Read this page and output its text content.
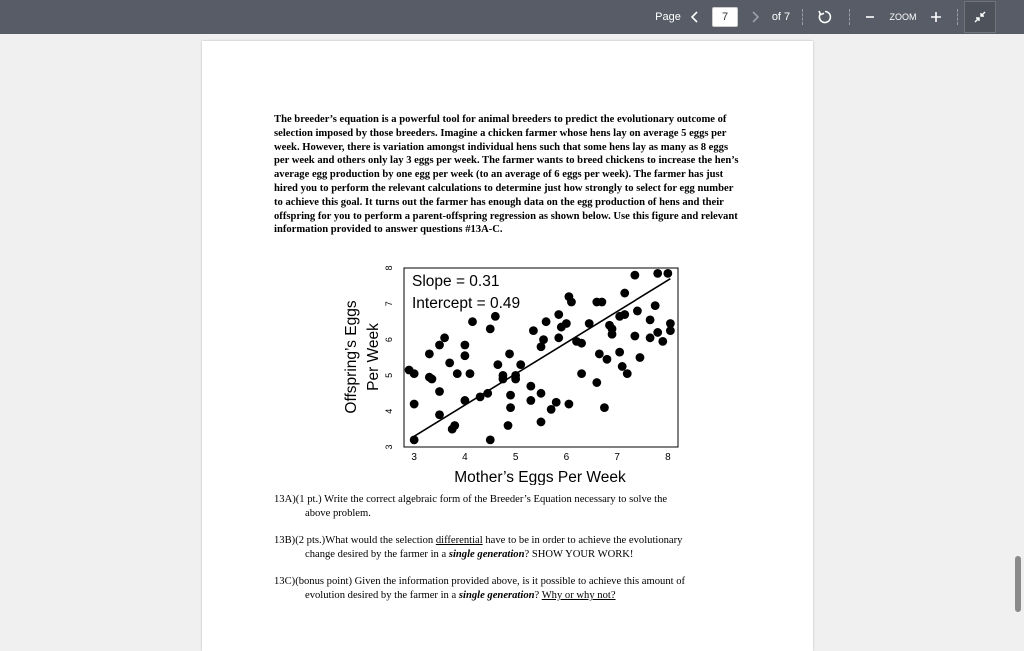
Page
7	of 7	ZOOM

The breeder’s equation is a powerful tool for animal breeders to predict the evolutionary outcome of selection imposed by those breeders. Imagine a chicken farmer whose hens lay on average 5 eggs per week. However, there is variation amongst individual hens such that some hens lay as many as 8 eggs per week and others only lay 3 eggs per week. The farmer wants to breed chickens to increase the hen’s average egg production by one egg per week (to an average of 6 eggs per week). The farmer has just hired you to perform the relevant calculations to determine just how strongly to select for egg number to achieve this goal. It turns out the farmer has enough data on the egg production of hens and their offspring for you to perform a parent-offspring regression as shown below. Use this figure and relevant information provided to answer questions #13A-C.

3	4	5	6	7	8
3
4
5
6
7
8
Slope = 0.31
Intercept = 0.49
Mother’s Eggs Per Week
Offspring’s Eggs Per Week

13A)(1 pt.) Write the correct algebraic form of the Breeder’s Equation necessary to solve the
above problem.

13B)(2 pts.)What would the selection differential have to be in order to achieve the evolutionary
change desired by the farmer in a single generation? SHOW YOUR WORK!

13C)(bonus point) Given the information provided above, is it possible to achieve this amount of
evolution desired by the farmer in a single generation? Why or why not?
